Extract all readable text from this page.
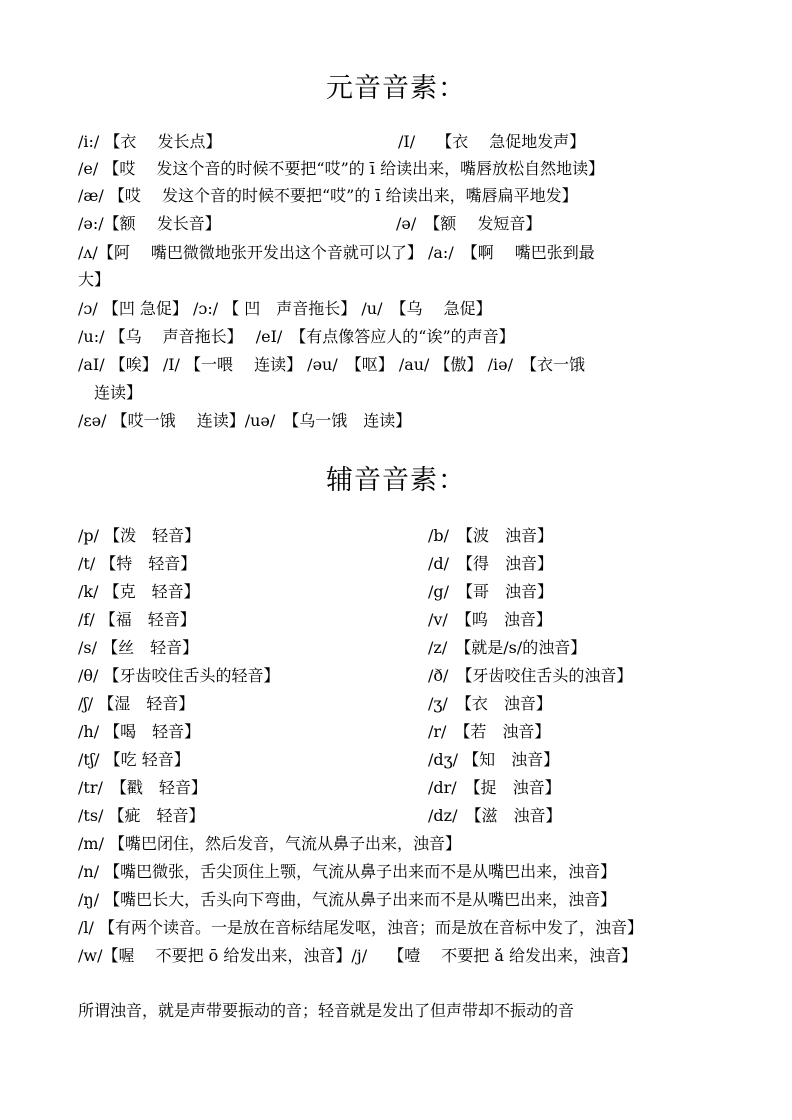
元音音素：
/i:/ 【衣　 发长点】	/I/　 【衣　 急促地发声】
/e/ 【哎　 发这个音的时候不要把“哎”的 ī 给读出来，嘴唇放松自然地读】
/æ/ 【哎　 发这个音的时候不要把“哎”的 ī 给读出来，嘴唇扁平地发】
/ə:/【额　 发长音】	/ə/　【额　 发短音】
/ʌ/【阿　 嘴巴微微地张开发出这个音就可以了】 /a:/　【啊　 嘴巴张到最
大】
/ɔ/ 【凹 急促】 /ɔ:/ 【 凹　声音拖长】 /u/　【乌　 急促】
/u:/ 【乌　 声音拖长】　 /eI/　【有点像答应人的“诶”的声音】
/aI/ 【唉】 /I/ 【一喂　 连读】 /əu/　【呕】 /au/ 【傲】 /iə/　【衣一饿
　连读】
/εə/ 【哎一饿　 连读】/uə/　【乌一饿　连读】
辅音音素：
/p/ 【泼　轻音】	/b/　【波　浊音】
/t/ 【特　轻音】	/d/　【得　浊音】
/k/ 【克　轻音】	/g/　【哥　浊音】
/f/ 【福　轻音】	/v/　【呜　浊音】
/s/ 【丝　轻音】	/z/　【就是/s/的浊音】
/θ/ 【牙齿咬住舌头的轻音】	/ð/　【牙齿咬住舌头的浊音】
/ʃ/ 【湿　轻音】	/ʒ/　【衣　浊音】
/h/ 【喝　轻音】	/r/　【若　浊音】
/tʃ/ 【吃 轻音】	/dʒ/ 【知　浊音】
/tr/　【戳　轻音】	/dr/　【捉　浊音】
/ts/ 【疵　轻音】	/dz/　【滋　浊音】
/m/ 【嘴巴闭住，然后发音，气流从鼻子出来，浊音】
/n/ 【嘴巴微张，舌尖顶住上颚，气流从鼻子出来而不是从嘴巴出来，浊音】
/ŋ/ 【嘴巴长大，舌头向下弯曲，气流从鼻子出来而不是从嘴巴出来，浊音】
/l/ 【有两个读音。一是放在音标结尾发呕，浊音；而是放在音标中发了，浊音】
/w/【喔　 不要把 ō 给发出来，浊音】/j/　 【噎　 不要把 ǎ 给发出来，浊音】
所谓浊音，就是声带要振动的音；轻音就是发出了但声带却不振动的音
